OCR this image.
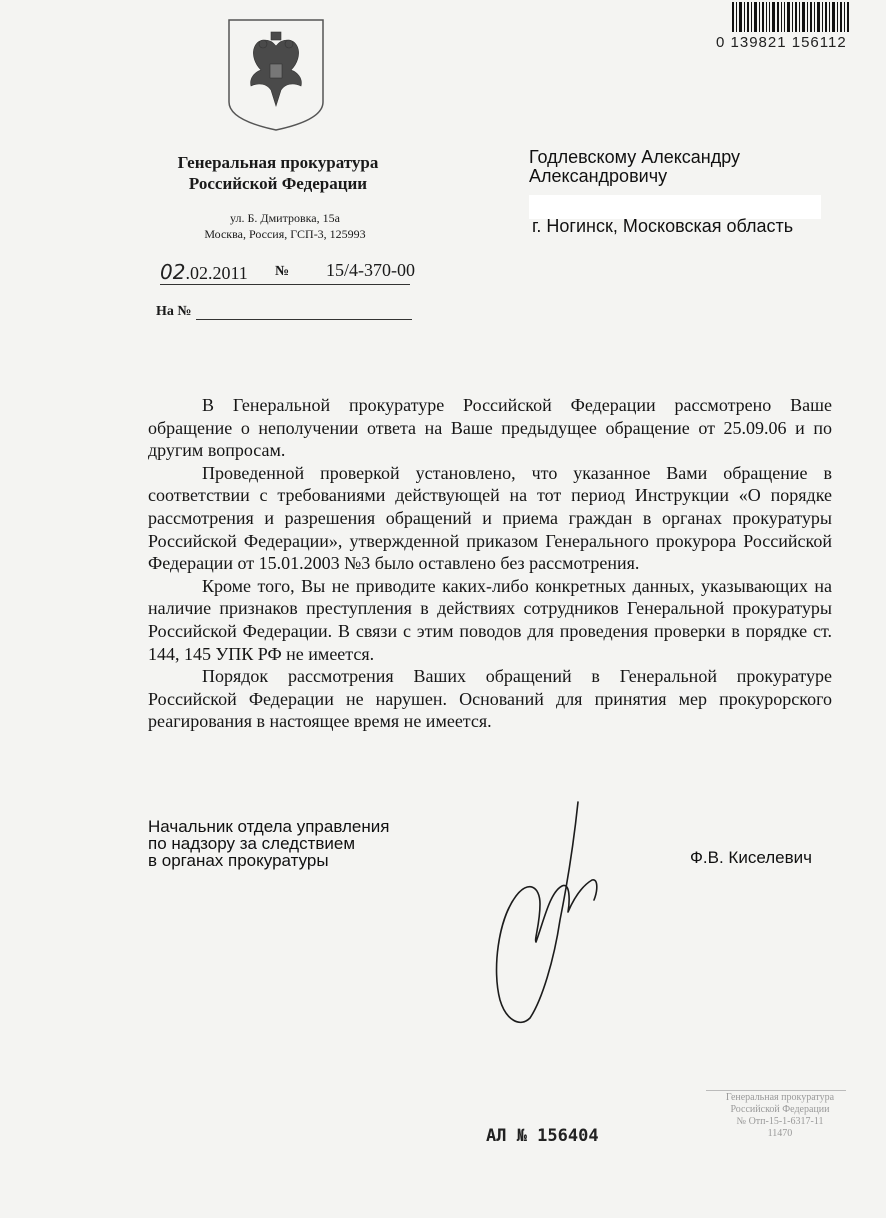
0 139821 156112
Генеральная прокуратура
Российской Федерации
ул. Б. Дмитровка, 15а
Москва, Россия, ГСП-3, 125993
02.02.2011 № 15/4-370-00
На №
Годлевскому Александру
Александровичу
г. Ногинск, Московская область

В Генеральной прокуратуре Российской Федерации рассмотрено Ваше обращение о неполучении ответа на Ваше предыдущее обращение от 25.09.06 и по другим вопросам.

Проведенной проверкой установлено, что указанное Вами обращение в соответствии с требованиями действующей на тот период Инструкции «О порядке рассмотрения и разрешения обращений и приема граждан в органах прокуратуры Российской Федерации», утвержденной приказом Генерального прокурора Российской Федерации от 15.01.2003 №3 было оставлено без рассмотрения.

Кроме того, Вы не приводите каких-либо конкретных данных, указывающих на наличие признаков преступления в действиях сотрудников Генеральной прокуратуры Российской Федерации. В связи с этим поводов для проведения проверки в порядке ст. 144, 145 УПК РФ не имеется.

Порядок рассмотрения Ваших обращений в Генеральной прокуратуре Российской Федерации не нарушен. Оснований для принятия мер прокурорского реагирования в настоящее время не имеется.

Начальник отдела управления
по надзору за следствием
в органах прокуратуры	Ф.В. Киселевич
АЛ № 156404
Генеральная прокуратура
Российской Федерации
№ Отп-15-1-6317-11
11470
